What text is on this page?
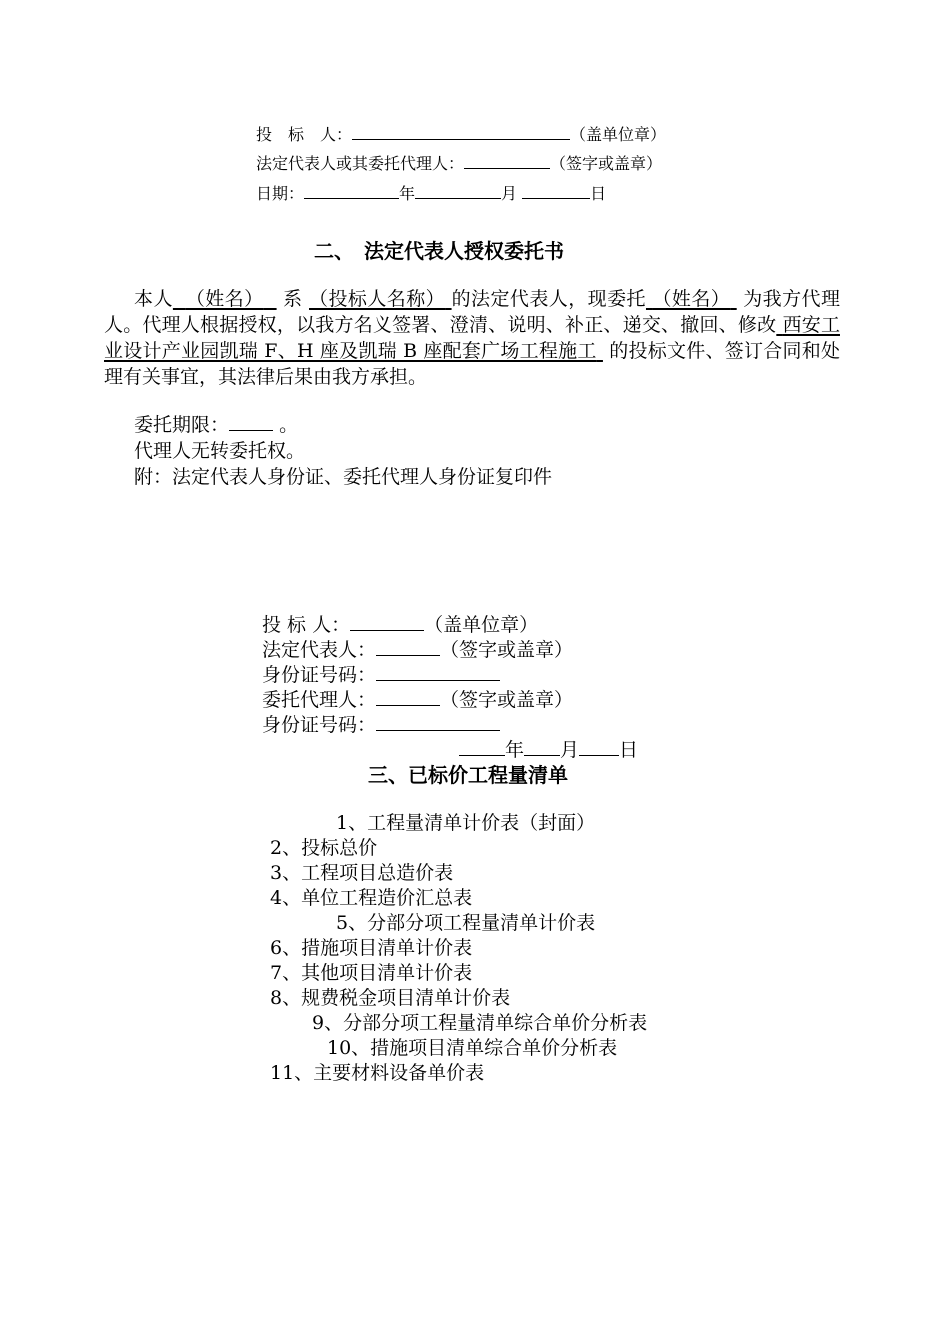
投　标　人：	（盖单位章）
法定代表人或其委托代理人：	（签字或盖章）
日期：	年	月	日
二、　法定代表人授权委托书
本人 （姓名） 系 （投标人名称） 的法定代表人，现委托 （姓名） 为我方代理人。代理人根据授权，以我方名义签署、澄清、说明、补正、递交、撤回、修改 西安工业设计产业园凯瑞 F、H 座及凯瑞 B 座配套广场工程施工 的投标文件、签订合同和处理有关事宜，其法律后果由我方承担。
委托期限：	。
代理人无转委托权。
附：法定代表人身份证、委托代理人身份证复印件
投 标 人：	（盖单位章）
法定代表人：	（签字或盖章）
身份证号码：
委托代理人：	（签字或盖章）
身份证号码：
年 月 日
三、已标价工程量清单
1、工程量清单计价表（封面）
2、投标总价
3、工程项目总造价表
4、单位工程造价汇总表
5、分部分项工程量清单计价表
6、措施项目清单计价表
7、其他项目清单计价表
8、规费税金项目清单计价表
9、分部分项工程量清单综合单价分析表
10、措施项目清单综合单价分析表
11、主要材料设备单价表
